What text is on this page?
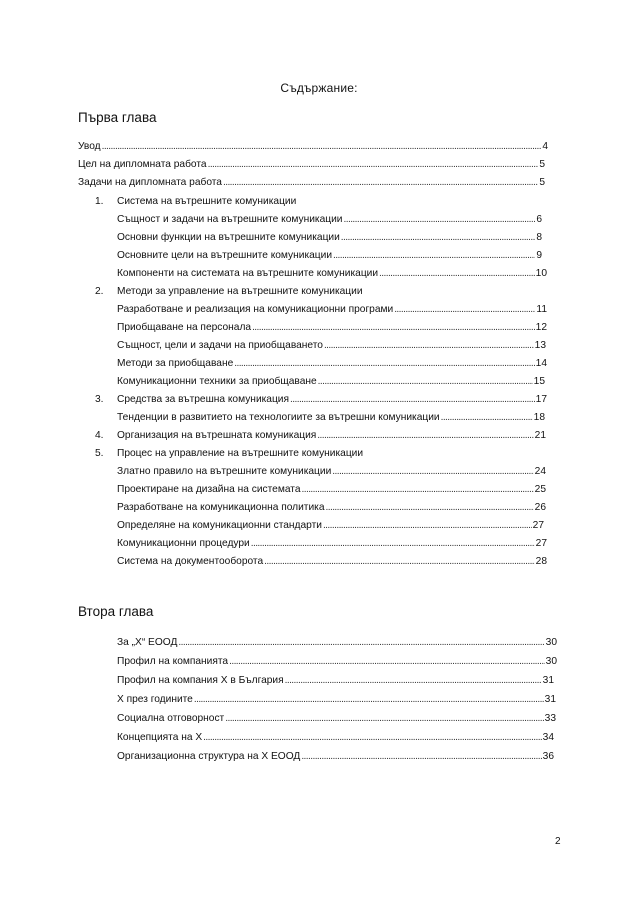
Съдържание:
Първа глава
Увод .....	4
Цел на дипломната работа .....	5
Задачи на дипломната работа .....	5
1. Система на вътрешните комуникации
Същност и задачи на вътрешните комуникации .....	6
Основни функции на вътрешните комуникации .....	8
Основните цели на вътрешните комуникации .....	9
Компоненти на системата на вътрешните комуникации .....	10
2. Методи за управление на вътрешните комуникации
Разработване и реализация на комуникационни програми .....	11
Приобщаване на персонала .....	12
Същност, цели и задачи на приобщаването .....	13
Методи за приобщаване .....	14
Комуникационни техники за приобщаване .....	15
3. Средства за вътрешна комуникация .....	17
Тенденции в развитието на технологиите за вътрешни комуникации .....	18
4. Организация на вътрешната комуникация .....	21
5. Процес на управление на вътрешните комуникации
Златно правило на вътрешните комуникации .....	24
Проектиране на дизайна на системата .....	25
Разработване на комуникационна политика .....	26
Определяне на комуникационни стандарти .....	27
Комуникационни процедури .....	27
Система на документооборота .....	28
Втора глава
За „Х“ ЕООД .....	30
Профил на компанията .....	30
Профил на компания Х в България .....	31
Х през годините .....	31
Социална отговорност .....	33
Концепцията на Х .....	34
Организационна структура на Х ЕООД .....	36
2
